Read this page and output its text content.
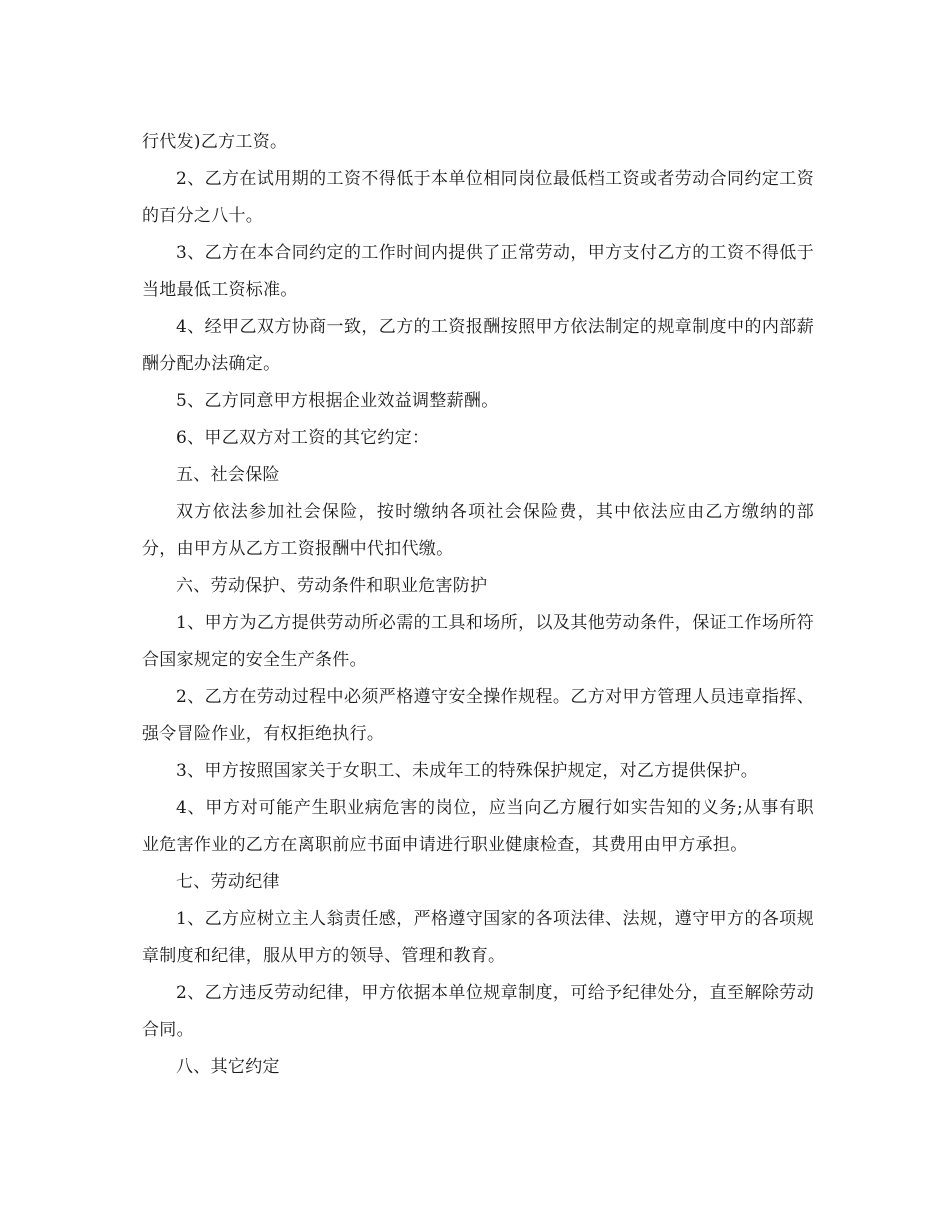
行代发)乙方工资。

2、乙方在试用期的工资不得低于本单位相同岗位最低档工资或者劳动合同约定工资的百分之八十。

3、乙方在本合同约定的工作时间内提供了正常劳动，甲方支付乙方的工资不得低于当地最低工资标准。

4、经甲乙双方协商一致，乙方的工资报酬按照甲方依法制定的规章制度中的内部薪酬分配办法确定。

5、乙方同意甲方根据企业效益调整薪酬。

6、甲乙双方对工资的其它约定：

五、社会保险

双方依法参加社会保险，按时缴纳各项社会保险费，其中依法应由乙方缴纳的部分，由甲方从乙方工资报酬中代扣代缴。

六、劳动保护、劳动条件和职业危害防护

1、甲方为乙方提供劳动所必需的工具和场所，以及其他劳动条件，保证工作场所符合国家规定的安全生产条件。

2、乙方在劳动过程中必须严格遵守安全操作规程。乙方对甲方管理人员违章指挥、强令冒险作业，有权拒绝执行。

3、甲方按照国家关于女职工、未成年工的特殊保护规定，对乙方提供保护。

4、甲方对可能产生职业病危害的岗位，应当向乙方履行如实告知的义务;从事有职业危害作业的乙方在离职前应书面申请进行职业健康检查，其费用由甲方承担。

七、劳动纪律

1、乙方应树立主人翁责任感，严格遵守国家的各项法律、法规，遵守甲方的各项规章制度和纪律，服从甲方的领导、管理和教育。

2、乙方违反劳动纪律，甲方依据本单位规章制度，可给予纪律处分，直至解除劳动合同。

八、其它约定
